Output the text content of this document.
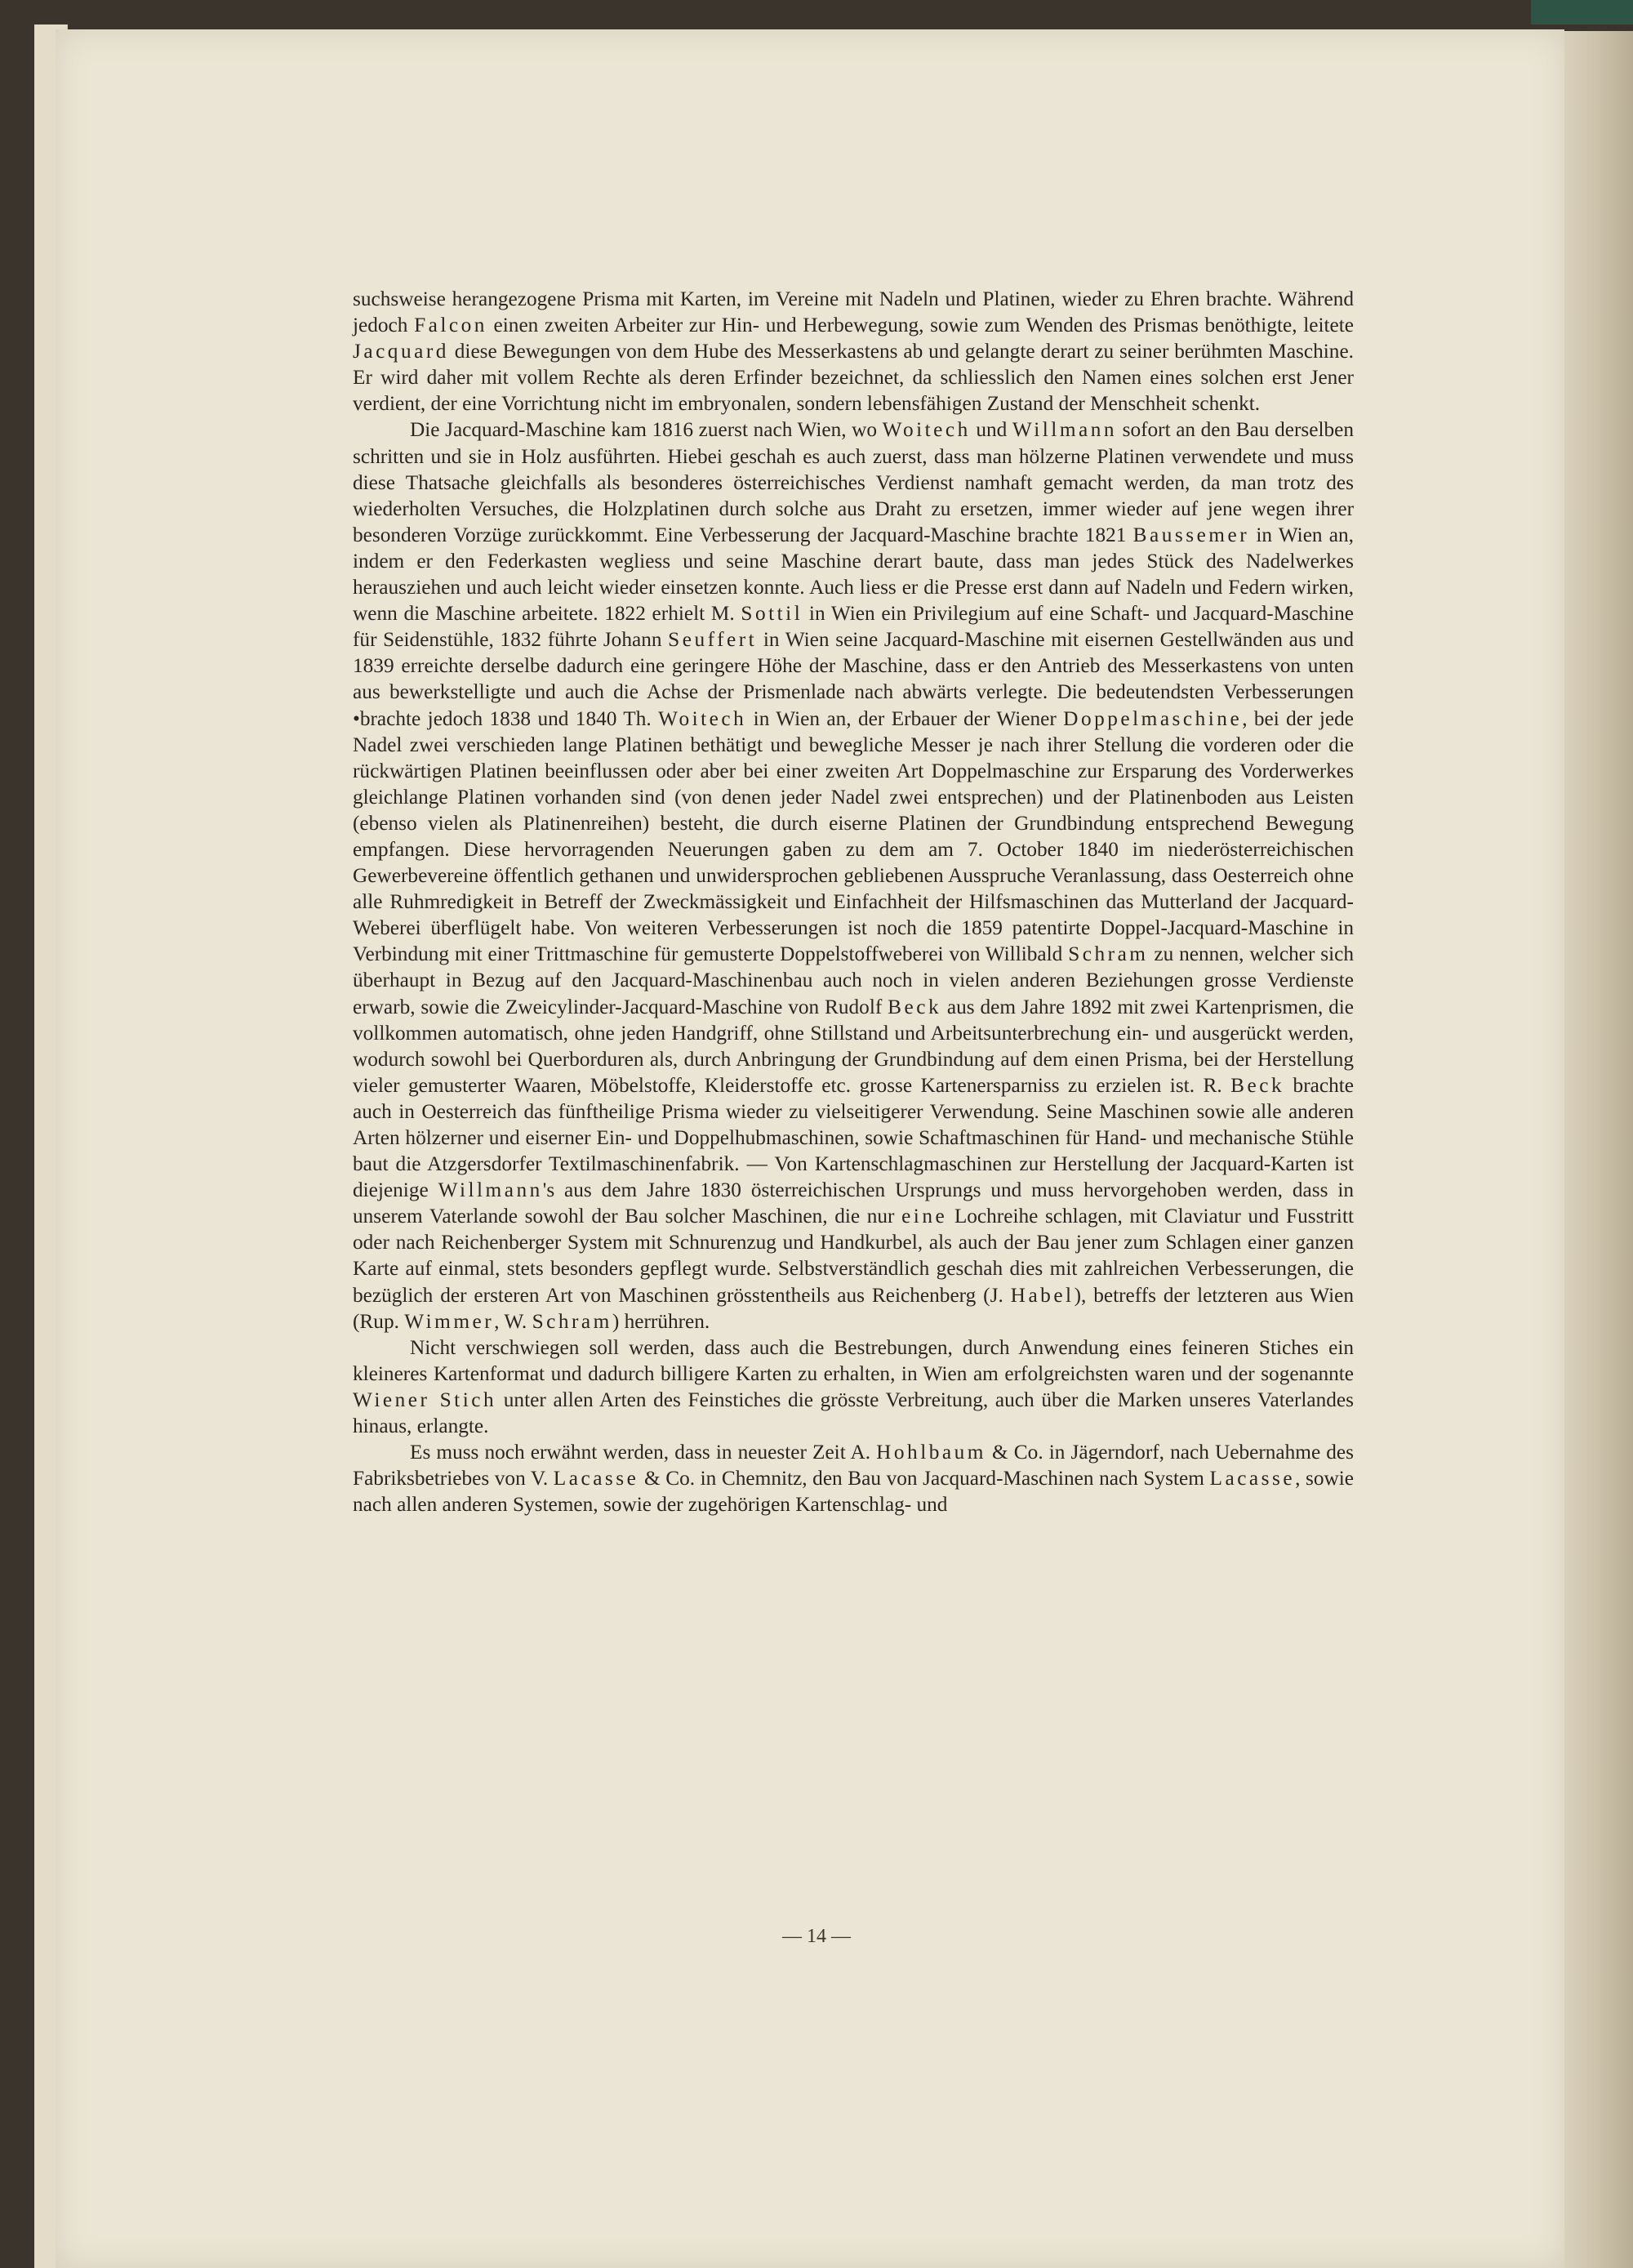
suchsweise herangezogene Prisma mit Karten, im Vereine mit Nadeln und Platinen, wieder zu Ehren brachte. Während jedoch Falcon einen zweiten Arbeiter zur Hin- und Herbewegung, sowie zum Wenden des Prismas benöthigte, leitete Jacquard diese Bewegungen von dem Hube des Messerkastens ab und gelangte derart zu seiner berühmten Maschine. Er wird daher mit vollem Rechte als deren Erfinder bezeichnet, da schliesslich den Namen eines solchen erst Jener verdient, der eine Vorrichtung nicht im embryonalen, sondern lebensfähigen Zustand der Menschheit schenkt.

Die Jacquard-Maschine kam 1816 zuerst nach Wien, wo Woitech und Willmann sofort an den Bau derselben schritten und sie in Holz ausführten. Hiebei geschah es auch zuerst, dass man hölzerne Platinen verwendete und muss diese Thatsache gleichfalls als besonderes österreichisches Verdienst namhaft gemacht werden, da man trotz des wiederholten Versuches, die Holzplatinen durch solche aus Draht zu ersetzen, immer wieder auf jene wegen ihrer besonderen Vorzüge zurückkommt. Eine Verbesserung der Jacquard-Maschine brachte 1821 Baussemer in Wien an, indem er den Federkasten wegliess und seine Maschine derart baute, dass man jedes Stück des Nadelwerkes herausziehen und auch leicht wieder einsetzen konnte. Auch liess er die Presse erst dann auf Nadeln und Federn wirken, wenn die Maschine arbeitete. 1822 erhielt M. Sottil in Wien ein Privilegium auf eine Schaft- und Jacquard-Maschine für Seidenstühle, 1832 führte Johann Seuffert in Wien seine Jacquard-Maschine mit eisernen Gestellwänden aus und 1839 erreichte derselbe dadurch eine geringere Höhe der Maschine, dass er den Antrieb des Messerkastens von unten aus bewerkstelligte und auch die Achse der Prismenlade nach abwärts verlegte. Die bedeutendsten Verbesserungen •brachte jedoch 1838 und 1840 Th. Woitech in Wien an, der Erbauer der Wiener Doppelmaschine, bei der jede Nadel zwei verschieden lange Platinen bethätigt und bewegliche Messer je nach ihrer Stellung die vorderen oder die rückwärtigen Platinen beeinflussen oder aber bei einer zweiten Art Doppelmaschine zur Ersparung des Vorderwerkes gleichlange Platinen vorhanden sind (von denen jeder Nadel zwei entsprechen) und der Platinenboden aus Leisten (ebenso vielen als Platinenreihen) besteht, die durch eiserne Platinen der Grundbindung entsprechend Bewegung empfangen. Diese hervorragenden Neuerungen gaben zu dem am 7. October 1840 im niederösterreichischen Gewerbevereine öffentlich gethanen und unwidersprochen gebliebenen Ausspruche Veranlassung, dass Oesterreich ohne alle Ruhmredigkeit in Betreff der Zweckmässigkeit und Einfachheit der Hilfsmaschinen das Mutterland der Jacquard-Weberei überflügelt habe. Von weiteren Verbesserungen ist noch die 1859 patentirte Doppel-Jacquard-Maschine in Verbindung mit einer Trittmaschine für gemusterte Doppelstoffweberei von Willibald Schram zu nennen, welcher sich überhaupt in Bezug auf den Jacquard-Maschinenbau auch noch in vielen anderen Beziehungen grosse Verdienste erwarb, sowie die Zweicylinder-Jacquard-Maschine von Rudolf Beck aus dem Jahre 1892 mit zwei Kartenprismen, die vollkommen automatisch, ohne jeden Handgriff, ohne Stillstand und Arbeitsunterbrechung ein- und ausgerückt werden, wodurch sowohl bei Querborduren als, durch Anbringung der Grundbindung auf dem einen Prisma, bei der Herstellung vieler gemusterter Waaren, Möbelstoffe, Kleiderstoffe etc. grosse Kartenersparniss zu erzielen ist. R. Beck brachte auch in Oesterreich das fünftheilige Prisma wieder zu vielseitigerer Verwendung. Seine Maschinen sowie alle anderen Arten hölzerner und eiserner Ein- und Doppelhubmaschinen, sowie Schaftmaschinen für Hand- und mechanische Stühle baut die Atzgersdorfer Textilmaschinenfabrik. — Von Kartenschlagmaschinen zur Herstellung der Jacquard-Karten ist diejenige Willmann's aus dem Jahre 1830 österreichischen Ursprungs und muss hervorgehoben werden, dass in unserem Vaterlande sowohl der Bau solcher Maschinen, die nur eine Lochreihe schlagen, mit Claviatur und Fusstritt oder nach Reichenberger System mit Schnurenzug und Handkurbel, als auch der Bau jener zum Schlagen einer ganzen Karte auf einmal, stets besonders gepflegt wurde. Selbstverständlich geschah dies mit zahlreichen Verbesserungen, die bezüglich der ersteren Art von Maschinen grösstentheils aus Reichenberg (J. Habel), betreffs der letzteren aus Wien (Rup. Wimmer, W. Schram) herrühren.

Nicht verschwiegen soll werden, dass auch die Bestrebungen, durch Anwendung eines feineren Stiches ein kleineres Kartenformat und dadurch billigere Karten zu erhalten, in Wien am erfolgreichsten waren und der sogenannte Wiener Stich unter allen Arten des Feinstiches die grösste Verbreitung, auch über die Marken unseres Vaterlandes hinaus, erlangte.

Es muss noch erwähnt werden, dass in neuester Zeit A. Hohlbaum & Co. in Jägerndorf, nach Uebernahme des Fabriksbetriebes von V. Lacasse & Co. in Chemnitz, den Bau von Jacquard-Maschinen nach System Lacasse, sowie nach allen anderen Systemen, sowie der zugehörigen Kartenschlag- und

— 14 —
